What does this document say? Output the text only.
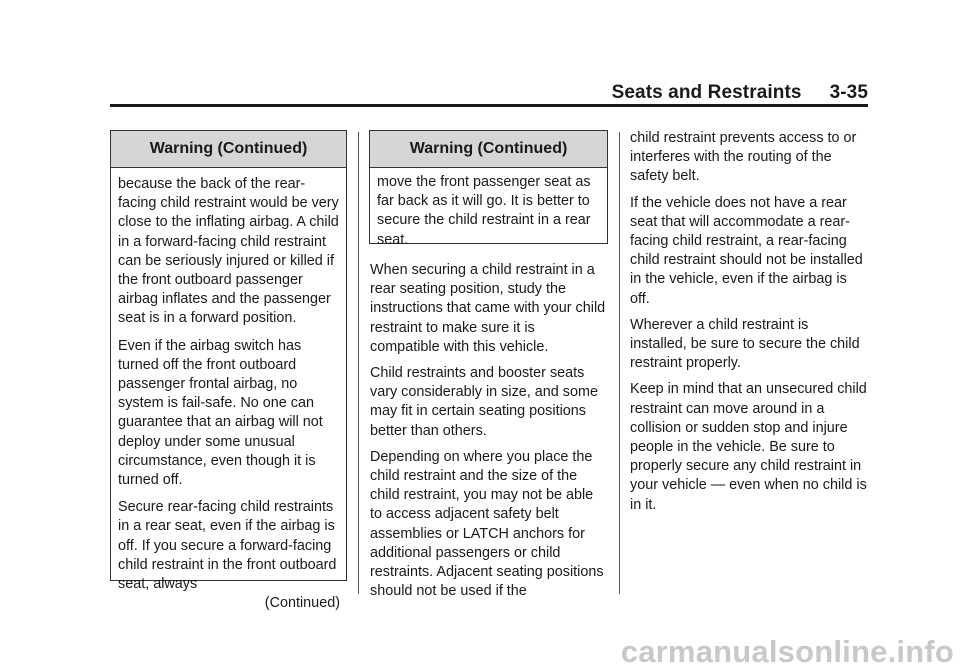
Seats and Restraints 3-35
Warning (Continued)

because the back of the rear-facing child restraint would be very close to the inflating airbag. A child in a forward-facing child restraint can be seriously injured or killed if the front outboard passenger airbag inflates and the passenger seat is in a forward position.

Even if the airbag switch has turned off the front outboard passenger frontal airbag, no system is fail-safe. No one can guarantee that an airbag will not deploy under some unusual circumstance, even though it is turned off.

Secure rear-facing child restraints in a rear seat, even if the airbag is off. If you secure a forward-facing child restraint in the front outboard seat, always

(Continued)
Warning (Continued)

move the front passenger seat as far back as it will go. It is better to secure the child restraint in a rear seat.

When securing a child restraint in a rear seating position, study the instructions that came with your child restraint to make sure it is compatible with this vehicle.

Child restraints and booster seats vary considerably in size, and some may fit in certain seating positions better than others.

Depending on where you place the child restraint and the size of the child restraint, you may not be able to access adjacent safety belt assemblies or LATCH anchors for additional passengers or child restraints. Adjacent seating positions should not be used if the

child restraint prevents access to or interferes with the routing of the safety belt.

If the vehicle does not have a rear seat that will accommodate a rear-facing child restraint, a rear-facing child restraint should not be installed in the vehicle, even if the airbag is off.

Wherever a child restraint is installed, be sure to secure the child restraint properly.

Keep in mind that an unsecured child restraint can move around in a collision or sudden stop and injure people in the vehicle. Be sure to properly secure any child restraint in your vehicle — even when no child is in it.

carmanualsonline.info
